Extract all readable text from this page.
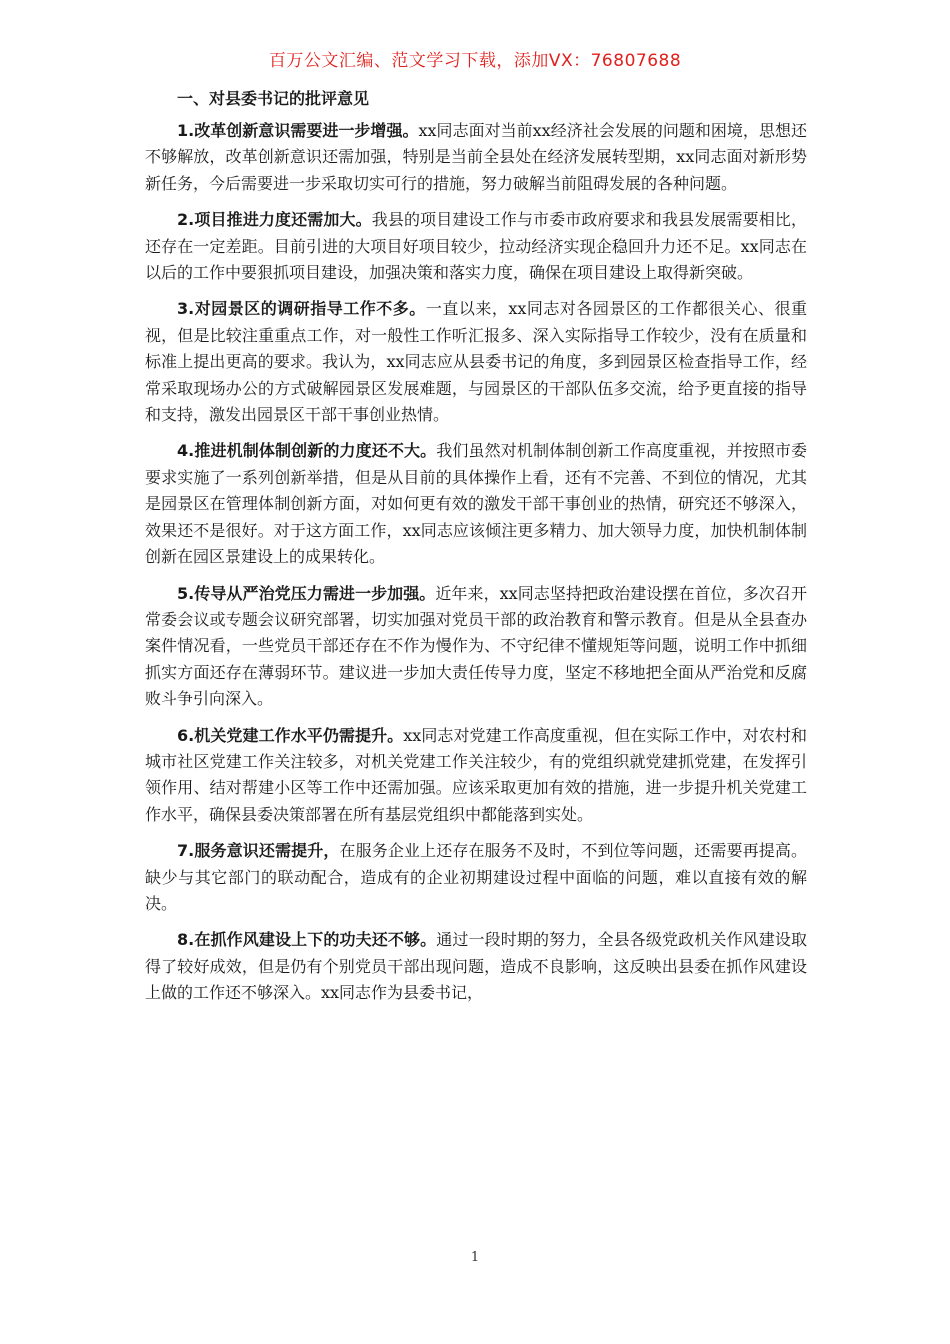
百万公文汇编、范文学习下载，添加VX：76807688
一、对县委书记的批评意见

1.改革创新意识需要进一步增强。xx同志面对当前xx经济社会发展的问题和困境，思想还不够解放，改革创新意识还需加强，特别是当前全县处在经济发展转型期，xx同志面对新形势新任务，今后需要进一步采取切实可行的措施，努力破解当前阻碍发展的各种问题。

2.项目推进力度还需加大。我县的项目建设工作与市委市政府要求和我县发展需要相比，还存在一定差距。目前引进的大项目好项目较少，拉动经济实现企稳回升力还不足。xx同志在以后的工作中要狠抓项目建设，加强决策和落实力度，确保在项目建设上取得新突破。

3.对园景区的调研指导工作不多。一直以来，xx同志对各园景区的工作都很关心、很重视，但是比较注重重点工作，对一般性工作听汇报多、深入实际指导工作较少，没有在质量和标准上提出更高的要求。我认为，xx同志应从县委书记的角度，多到园景区检查指导工作，经常采取现场办公的方式破解园景区发展难题，与园景区的干部队伍多交流，给予更直接的指导和支持，激发出园景区干部干事创业热情。

4.推进机制体制创新的力度还不大。我们虽然对机制体制创新工作高度重视，并按照市委要求实施了一系列创新举措，但是从目前的具体操作上看，还有不完善、不到位的情况，尤其是园景区在管理体制创新方面，对如何更有效的激发干部干事创业的热情，研究还不够深入，效果还不是很好。对于这方面工作，xx同志应该倾注更多精力、加大领导力度，加快机制体制创新在园区景建设上的成果转化。

5.传导从严治党压力需进一步加强。近年来，xx同志坚持把政治建设摆在首位，多次召开常委会议或专题会议研究部署，切实加强对党员干部的政治教育和警示教育。但是从全县查办案件情况看，一些党员干部还存在不作为慢作为、不守纪律不懂规矩等问题，说明工作中抓细抓实方面还存在薄弱环节。建议进一步加大责任传导力度，坚定不移地把全面从严治党和反腐败斗争引向深入。

6.机关党建工作水平仍需提升。xx同志对党建工作高度重视，但在实际工作中，对农村和城市社区党建工作关注较多，对机关党建工作关注较少，有的党组织就党建抓党建，在发挥引领作用、结对帮建小区等工作中还需加强。应该采取更加有效的措施，进一步提升机关党建工作水平，确保县委决策部署在所有基层党组织中都能落到实处。

7.服务意识还需提升，在服务企业上还存在服务不及时，不到位等问题，还需要再提高。缺少与其它部门的联动配合，造成有的企业初期建设过程中面临的问题，难以直接有效的解决。

8.在抓作风建设上下的功夫还不够。通过一段时期的努力，全县各级党政机关作风建设取得了较好成效，但是仍有个别党员干部出现问题，造成不良影响，这反映出县委在抓作风建设上做的工作还不够深入。xx同志作为县委书记，

1
